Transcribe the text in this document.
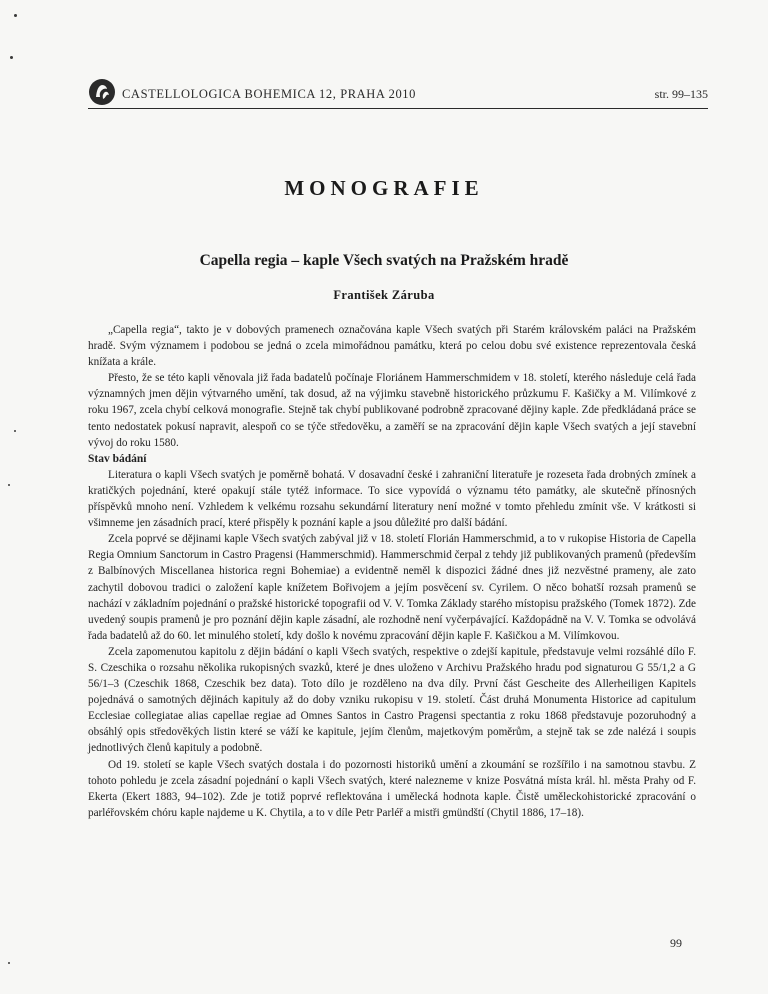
CASTELLOLOGICA BOHEMICA 12, PRAHA 2010	str. 99–135
MONOGRAFIE
Capella regia – kaple Všech svatých na Pražském hradě
František Záruba

„Capella regia“, takto je v dobových pramenech označována kaple Všech svatých při Starém královském paláci na Pražském hradě. Svým významem i podobou se jedná o zcela mimořádnou památku, která po celou dobu své existence reprezentovala česká knížata a krále.

Přesto, že se této kapli věnovala již řada badatelů počínaje Floriánem Hammerschmidem v 18. století, kterého následuje celá řada významných jmen dějin výtvarného umění, tak dosud, až na výjimku stavebně historického průzkumu F. Kašičky a M. Vilímkové z roku 1967, zcela chybí celková monografie. Stejně tak chybí publikované podrobně zpracované dějiny kaple. Zde předkládaná práce se tento nedostatek pokusí napravit, alespoň co se týče středověku, a zaměří se na zpracování dějin kaple Všech svatých a její stavební vývoj do roku 1580.

Stav bádání

Literatura o kapli Všech svatých je poměrně bohatá. V dosavadní české i zahraniční literatuře je rozeseta řada drobných zmínek a kratičkých pojednání, které opakují stále tytéž informace. To sice vypovídá o významu této památky, ale skutečně přínosných příspěvků mnoho není. Vzhledem k velkému rozsahu sekundární literatury není možné v tomto přehledu zmínit vše. V krátkosti si všimneme jen zásadních prací, které přispěly k poznání kaple a jsou důležité pro další bádání.

Zcela poprvé se dějinami kaple Všech svatých zabýval již v 18. století Florián Hammerschmid, a to v rukopise Historia de Capella Regia Omnium Sanctorum in Castro Pragensi (Hammerschmid). Hammerschmid čerpal z tehdy již publikovaných pramenů (především z Balbínových Miscellanea historica regni Bohemiae) a evidentně neměl k dispozici žádné dnes již nezvěstné prameny, ale zato zachytil dobovou tradici o založení kaple knížetem Bořivojem a jejím posvěcení sv. Cyrilem. O něco bohatší rozsah pramenů se nachází v základním pojednání o pražské historické topografii od V. V. Tomka Základy starého místopisu pražského (Tomek 1872). Zde uvedený soupis pramenů je pro poznání dějin kaple zásadní, ale rozhodně není vyčerpávající. Každopádně na V. V. Tomka se odvolává řada badatelů až do 60. let minulého století, kdy došlo k novému zpracování dějin kaple F. Kašičkou a M. Vilímkovou.

Zcela zapomenutou kapitolu z dějin bádání o kapli Všech svatých, respektive o zdejší kapitule, představuje velmi rozsáhlé dílo F. S. Czeschika o rozsahu několika rukopisných svazků, které je dnes uloženo v Archivu Pražského hradu pod signaturou G 55/1,2 a G 56/1–3 (Czeschik 1868, Czeschik bez data). Toto dílo je rozděleno na dva díly. První část Gescheite des Allerheiligen Kapitels pojednává o samotných dějinách kapituly až do doby vzniku rukopisu v 19. století. Část druhá Monumenta Historice ad capitulum Ecclesiae collegiatae alias capellae regiae ad Omnes Santos in Castro Pragensi spectantia z roku 1868 představuje pozoruhodný a obsáhlý opis středověkých listin které se váží ke kapitule, jejím členům, majetkovým poměrům, a stejně tak se zde nalézá i soupis jednotlivých členů kapituly a podobně.

Od 19. století se kaple Všech svatých dostala i do pozornosti historiků umění a zkoumání se rozšířilo i na samotnou stavbu. Z tohoto pohledu je zcela zásadní pojednání o kapli Všech svatých, které nalezneme v knize Posvátná místa král. hl. města Prahy od F. Ekerta (Ekert 1883, 94–102). Zde je totiž poprvé reflektována i umělecká hodnota kaple. Čistě uměleckohistorické zpracování o parléřovském chóru kaple najdeme u K. Chytila, a to v díle Petr Parléř a mistři gmündští (Chytil 1886, 17–18).

99
